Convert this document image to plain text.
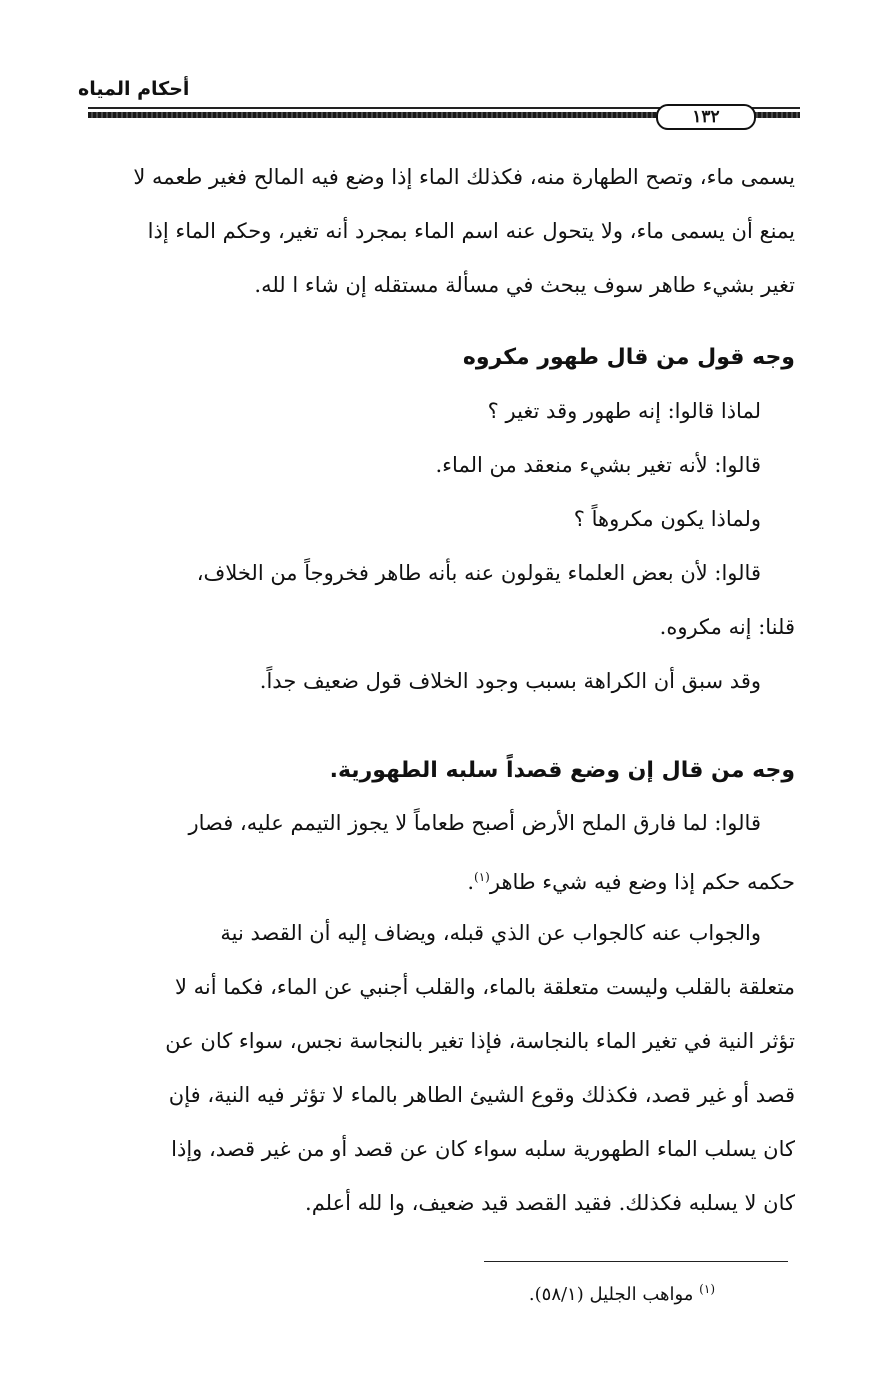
أحكام المياه
١٣٢

يسمى ماء، وتصح الطهارة منه، فكذلك الماء إذا وضع فيه المالح فغير طعمه لا

يمنع أن يسمى ماء، ولا يتحول عنه اسم الماء بمجرد أنه تغير، وحكم الماء إذا

تغير بشيء طاهر سوف يبحث في مسألة مستقله إن شاء ا لله.

وجه قول من قال طهور مكروه

لماذا قالوا: إنه طهور وقد تغير ؟

قالوا: لأنه تغير بشيء منعقد من الماء.

ولماذا يكون مكروهاً ؟

قالوا: لأن بعض العلماء يقولون عنه بأنه طاهر فخروجاً من الخلاف،

قلنا: إنه مكروه.

وقد سبق أن الكراهة بسبب وجود الخلاف قول ضعيف جداً.

وجه من قال إن وضع قصداً سلبه الطهورية.

قالوا: لما فارق الملح الأرض أصبح طعاماً لا يجوز التيمم عليه، فصار

حكمه حكم إذا وضع فيه شيء طاهر$^{(١)}$.

والجواب عنه كالجواب عن الذي قبله، ويضاف إليه أن القصد نية

متعلقة بالقلب وليست متعلقة بالماء، والقلب أجنبي عن الماء، فكما أنه لا

تؤثر النية في تغير الماء بالنجاسة، فإذا تغير بالنجاسة نجس، سواء كان عن

قصد أو غير قصد، فكذلك وقوع الشيئ الطاهر بالماء لا تؤثر فيه النية، فإن

كان يسلب الماء الطهورية سلبه سواء كان عن قصد أو من غير قصد، وإذا

كان لا يسلبه فكذلك. فقيد القصد قيد ضعيف، وا لله أعلم.

$^{(١)}$ مواهب الجليل (٥٨/١).
